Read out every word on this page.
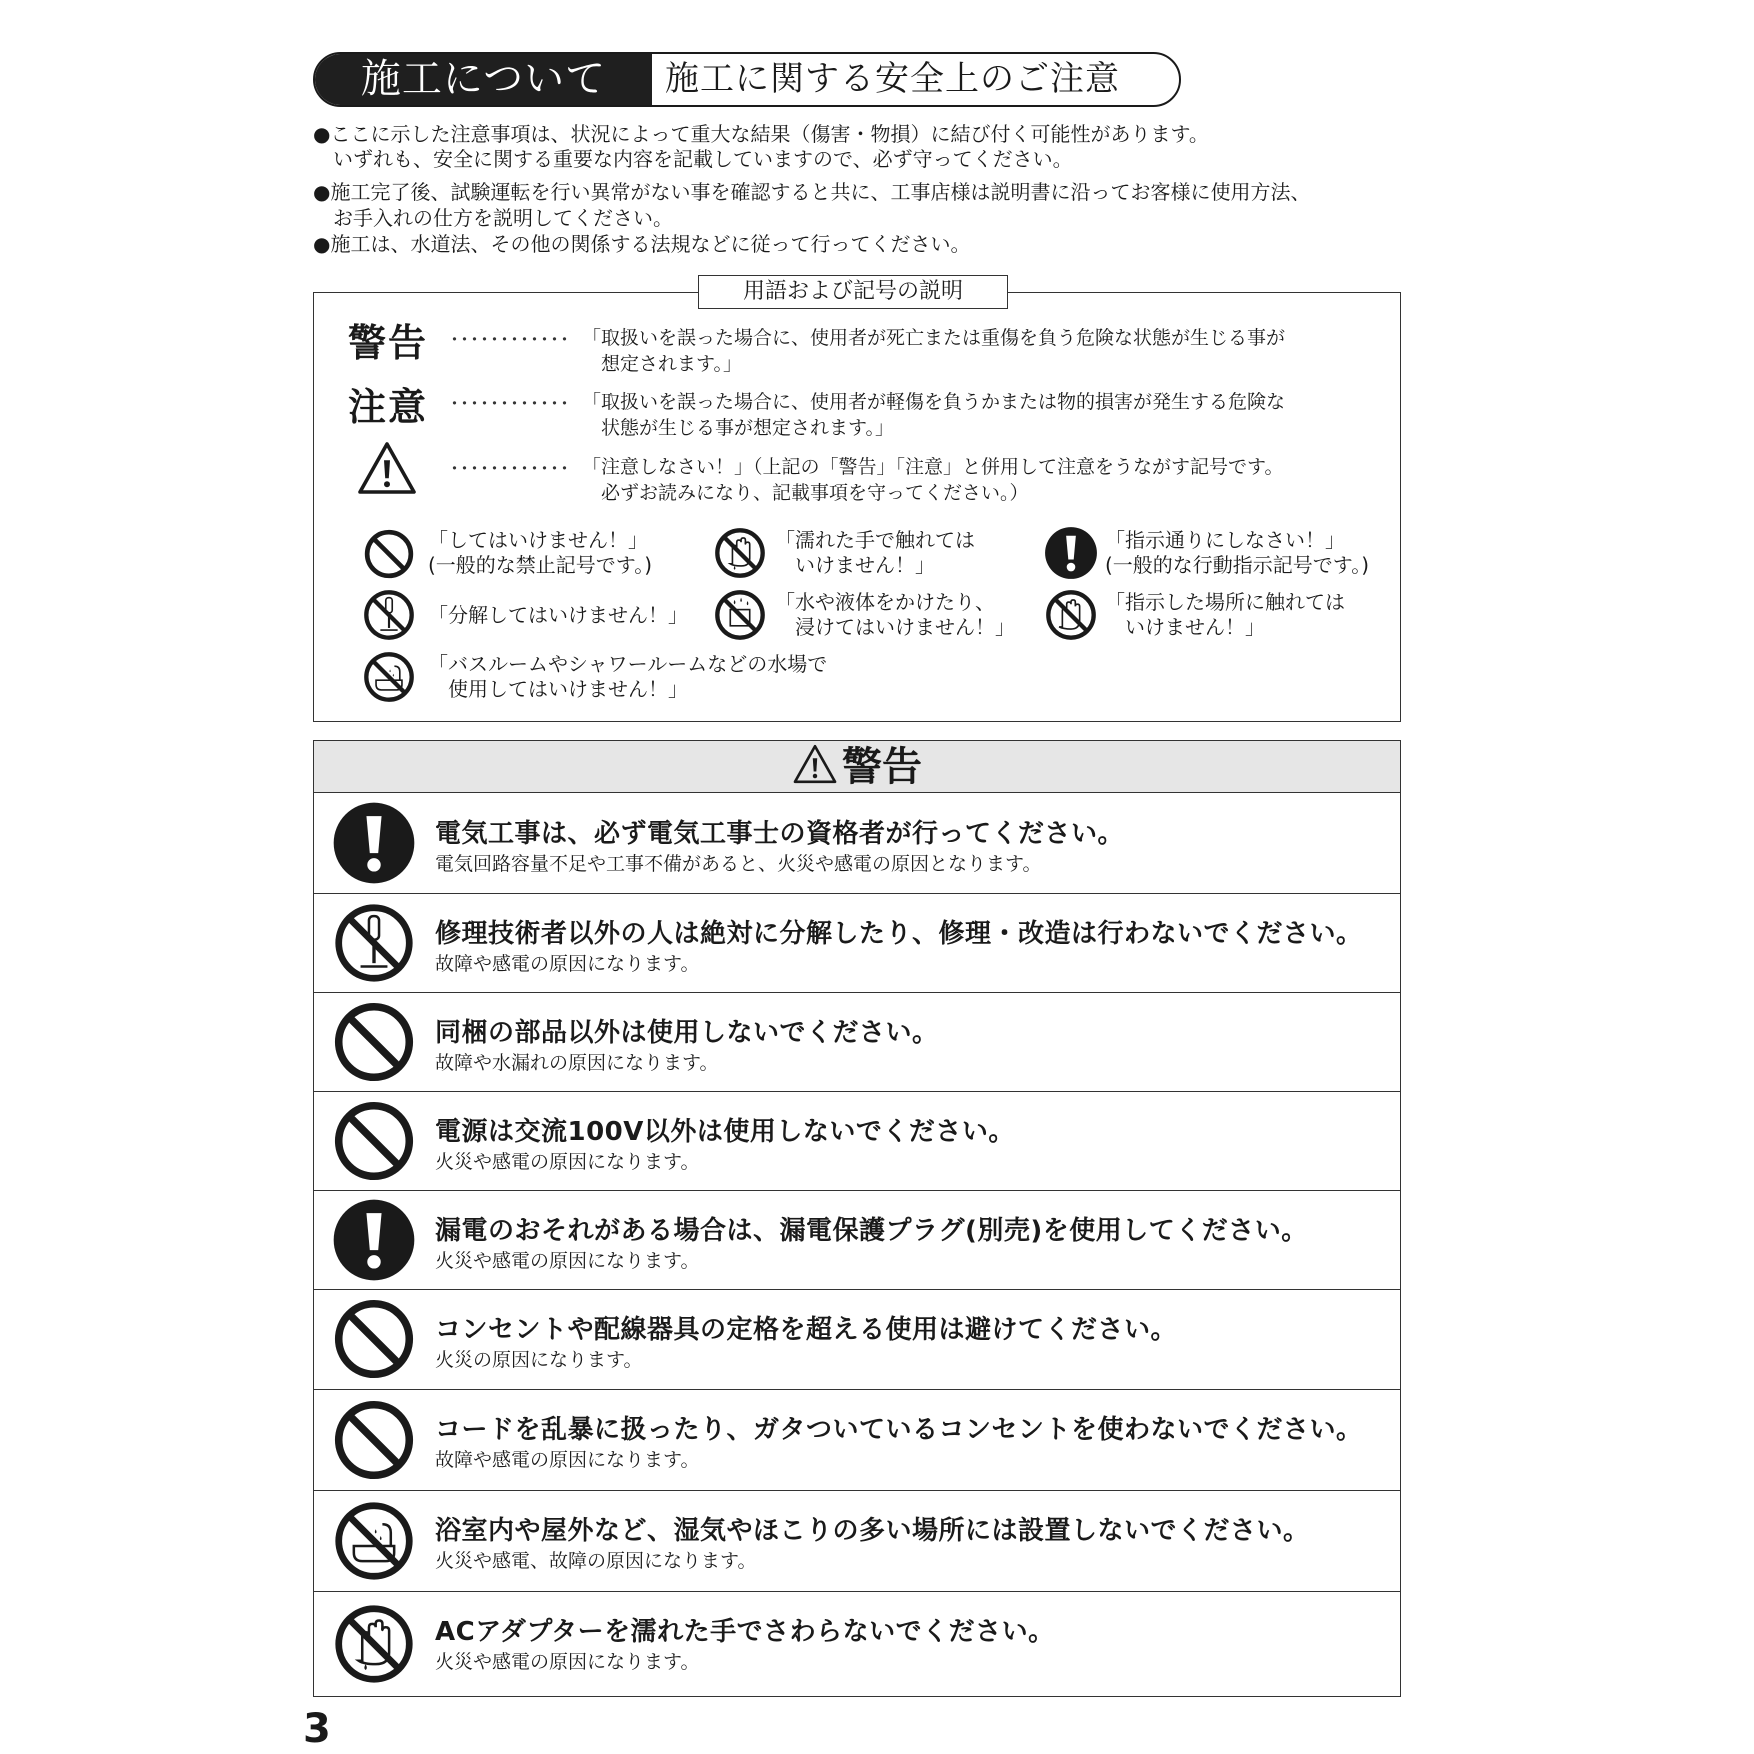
施工について	施工に関する安全上のご注意
●ここに示した注意事項は、状況によって重大な結果（傷害・物損）に結び付く可能性があります。
　いずれも、安全に関する重要な内容を記載していますので、必ず守ってください。
●施工完了後、試験運転を行い異常がない事を確認すると共に、工事店様は説明書に沿ってお客様に使用方法、
　お手入れの仕方を説明してください。
●施工は、水道法、その他の関係する法規などに従って行ってください。
用語および記号の説明
警告 ････････････ 「取扱いを誤った場合に、使用者が死亡または重傷を負う危険な状態が生じる事が
　想定されます。」
注意 ････････････ 「取扱いを誤った場合に、使用者が軽傷を負うかまたは物的損害が発生する危険な
　状態が生じる事が想定されます。」
････････････ 「注意しなさい！」（上記の「警告」「注意」と併用して注意をうながす記号です。
　必ずお読みになり、記載事項を守ってください。）
「してはいけません！」
(一般的な禁止記号です。)
「濡れた手で触れては
　いけません！」
「指示通りにしなさい！」
(一般的な行動指示記号です。)
「分解してはいけません！」
「水や液体をかけたり、
　浸けてはいけません！」
「指示した場所に触れては
　いけません！」
「バスルームやシャワールームなどの水場で
　使用してはいけません！」
警告
電気工事は、必ず電気工事士の資格者が行ってください。
電気回路容量不足や工事不備があると、火災や感電の原因となります。
修理技術者以外の人は絶対に分解したり、修理・改造は行わないでください。
故障や感電の原因になります。
同梱の部品以外は使用しないでください。
故障や水漏れの原因になります。
電源は交流100V以外は使用しないでください。
火災や感電の原因になります。
漏電のおそれがある場合は、漏電保護プラグ(別売)を使用してください。
火災や感電の原因になります。
コンセントや配線器具の定格を超える使用は避けてください。
火災の原因になります。
コードを乱暴に扱ったり、ガタついているコンセントを使わないでください。
故障や感電の原因になります。
浴室内や屋外など、湿気やほこりの多い場所には設置しないでください。
火災や感電、故障の原因になります。
ACアダプターを濡れた手でさわらないでください。
火災や感電の原因になります。
3
